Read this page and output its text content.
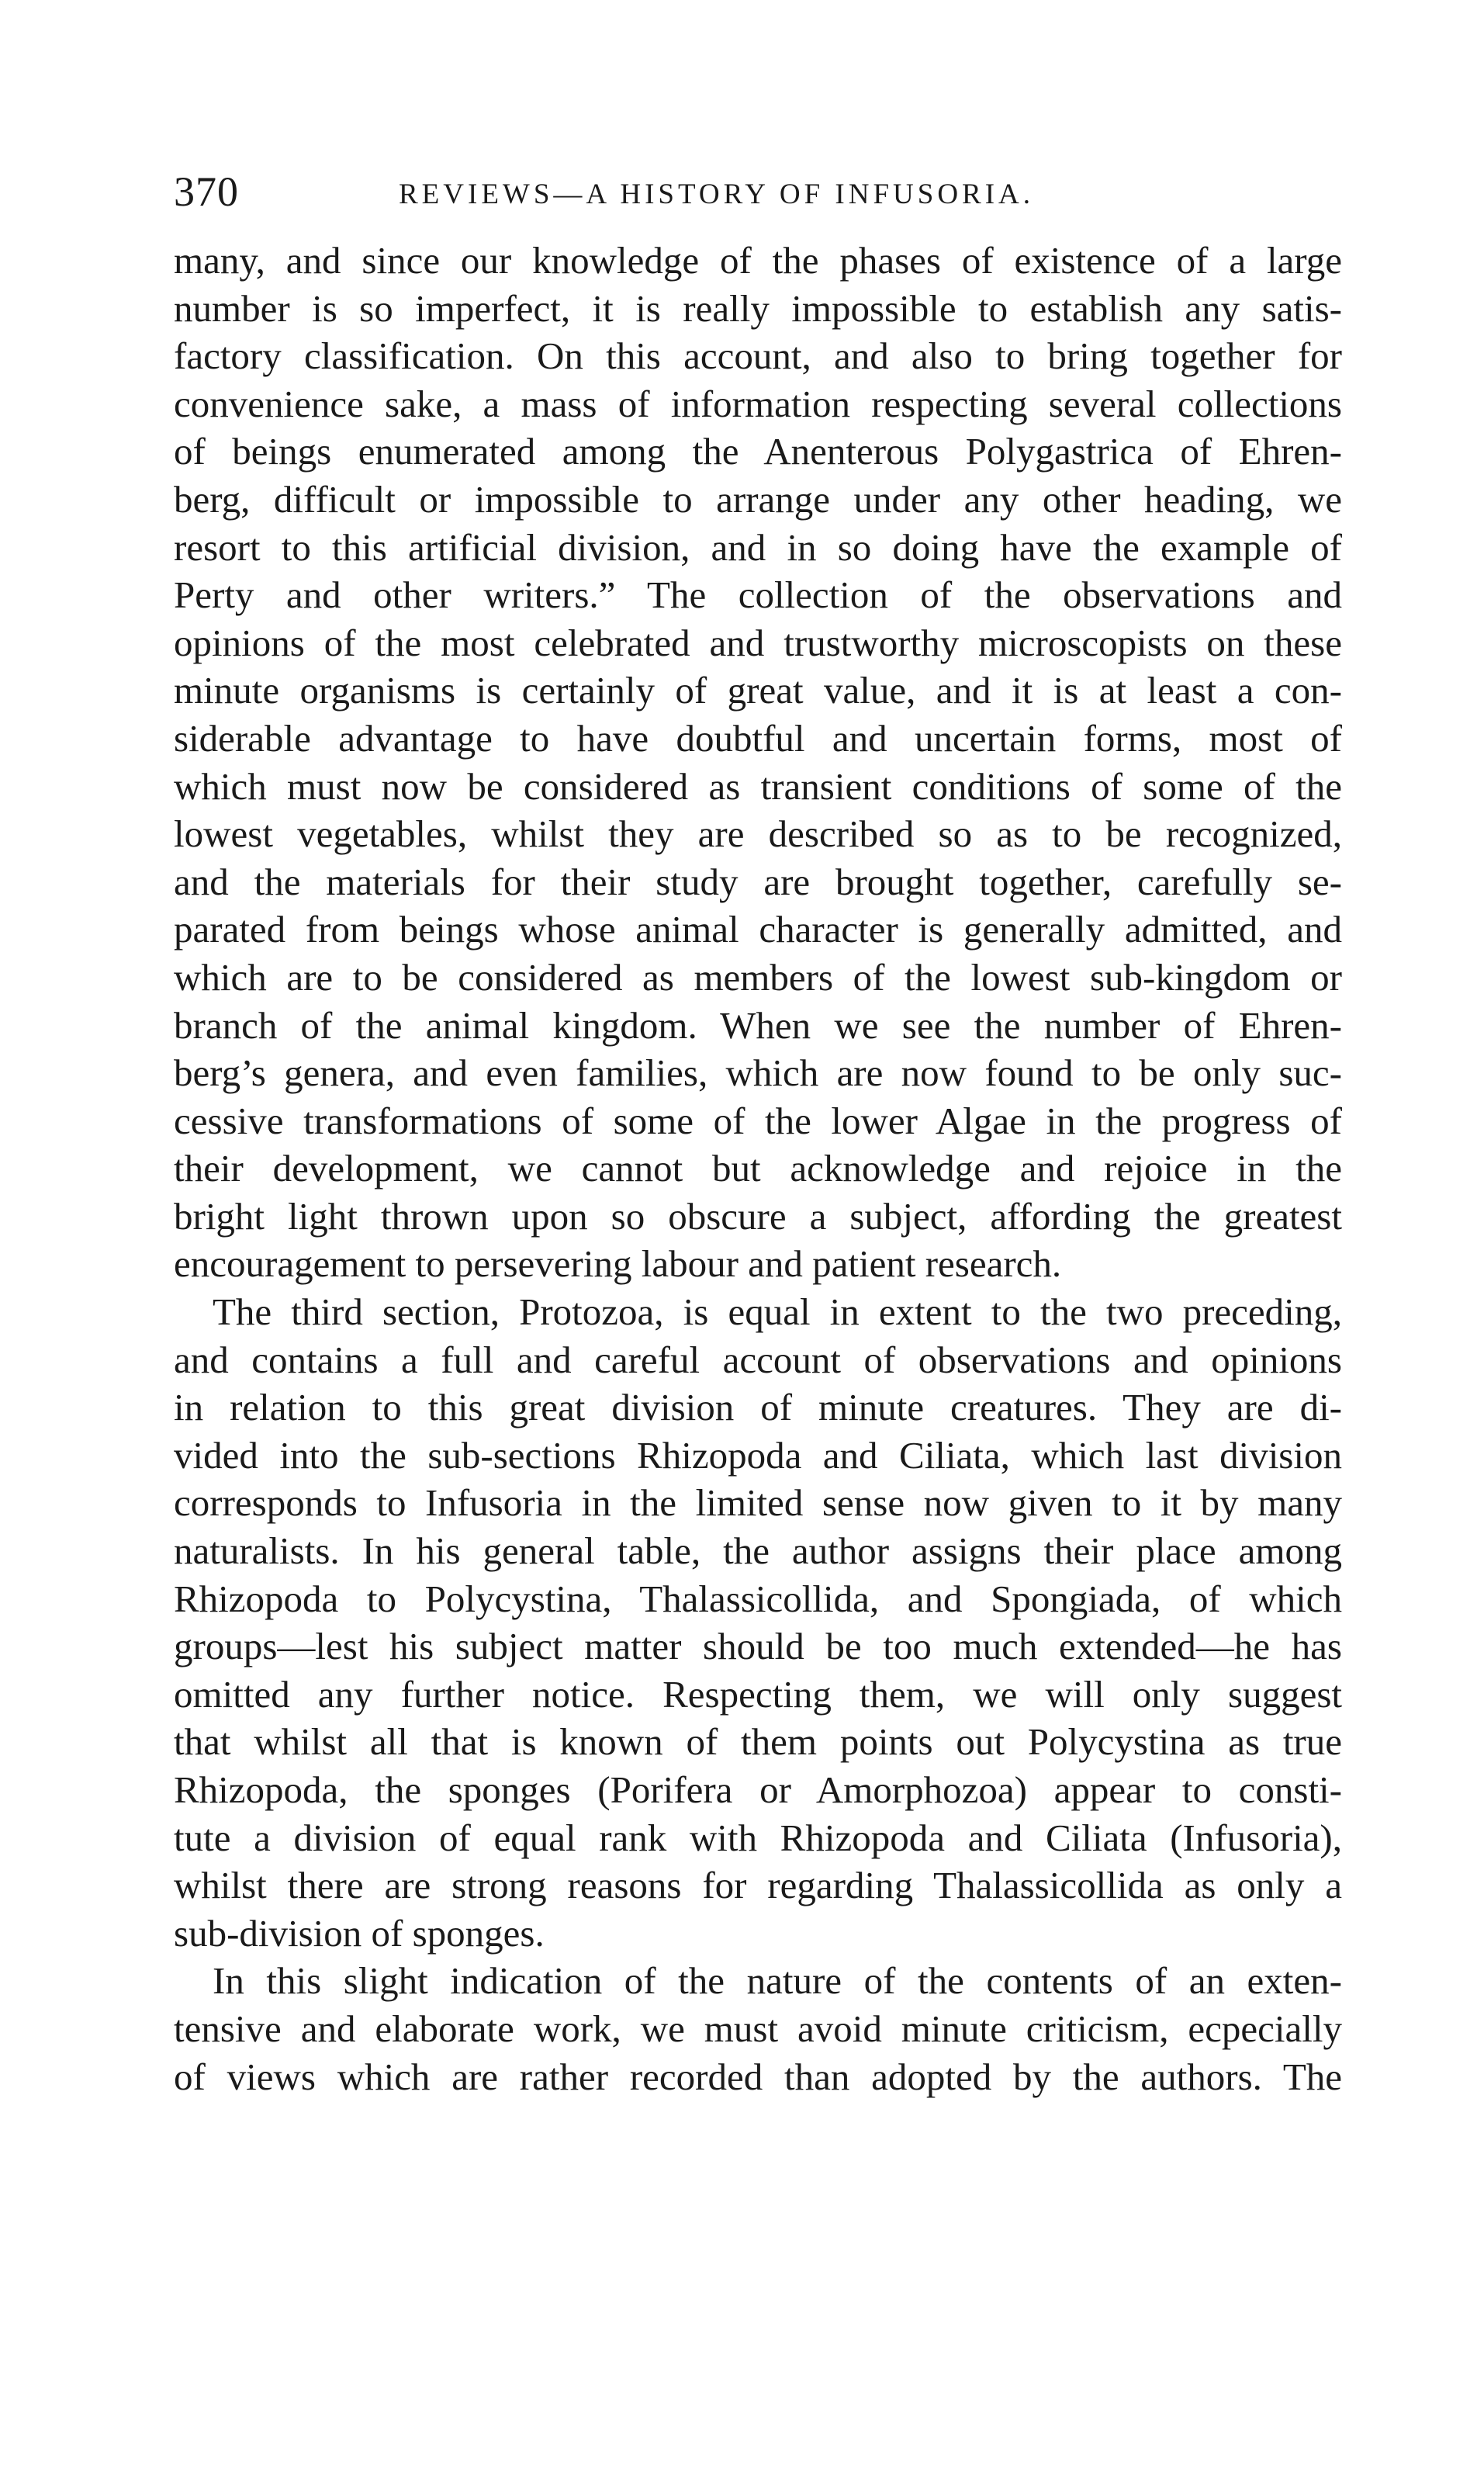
370	REVIEWS—A HISTORY OF INFUSORIA.
many, and since our knowledge of the phases of existence of a large
number is so imperfect, it is really impossible to establish any satis-
factory classification. On this account, and also to bring together for
convenience sake, a mass of information respecting several collections
of beings enumerated among the Anenterous Polygastrica of Ehren-
berg, difficult or impossible to arrange under any other heading, we
resort to this artificial division, and in so doing have the example of
Perty and other writers.” The collection of the observations and
opinions of the most celebrated and trustworthy microscopists on these
minute organisms is certainly of great value, and it is at least a con-
siderable advantage to have doubtful and uncertain forms, most of
which must now be considered as transient conditions of some of the
lowest vegetables, whilst they are described so as to be recognized,
and the materials for their study are brought together, carefully se-
parated from beings whose animal character is generally admitted, and
which are to be considered as members of the lowest sub-kingdom or
branch of the animal kingdom. When we see the number of Ehren-
berg’s genera, and even families, which are now found to be only suc-
cessive transformations of some of the lower Algae in the progress of
their development, we cannot but acknowledge and rejoice in the
bright light thrown upon so obscure a subject, affording the greatest
encouragement to persevering labour and patient research.
The third section, Protozoa, is equal in extent to the two preceding,
and contains a full and careful account of observations and opinions
in relation to this great division of minute creatures. They are di-
vided into the sub-sections Rhizopoda and Ciliata, which last division
corresponds to Infusoria in the limited sense now given to it by many
naturalists. In his general table, the author assigns their place among
Rhizopoda to Polycystina, Thalassicollida, and Spongiada, of which
groups—lest his subject matter should be too much extended—he has
omitted any further notice. Respecting them, we will only suggest
that whilst all that is known of them points out Polycystina as true
Rhizopoda, the sponges (Porifera or Amorphozoa) appear to consti-
tute a division of equal rank with Rhizopoda and Ciliata (Infusoria),
whilst there are strong reasons for regarding Thalassicollida as only a
sub-division of sponges.
In this slight indication of the nature of the contents of an exten-
tensive and elaborate work, we must avoid minute criticism, ecpecially
of views which are rather recorded than adopted by the authors. The
